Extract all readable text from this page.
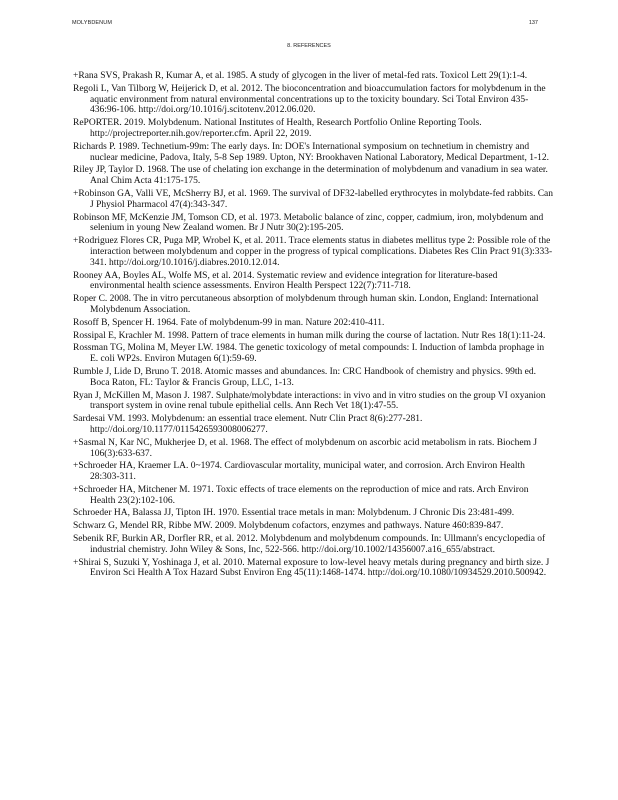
MOLYBDENUM	137
8. REFERENCES

+Rana SVS, Prakash R, Kumar A, et al. 1985. A study of glycogen in the liver of metal-fed rats. Toxicol Lett 29(1):1-4.

Regoli L, Van Tilborg W, Heijerick D, et al. 2012. The bioconcentration and bioaccumulation factors for molybdenum in the aquatic environment from natural environmental concentrations up to the toxicity boundary. Sci Total Environ 435-436:96-106. http://doi.org/10.1016/j.scitotenv.2012.06.020.

RePORTER. 2019. Molybdenum. National Institutes of Health, Research Portfolio Online Reporting Tools. http://projectreporter.nih.gov/reporter.cfm. April 22, 2019.

Richards P. 1989. Technetium-99m: The early days. In: DOE's International symposium on technetium in chemistry and nuclear medicine, Padova, Italy, 5-8 Sep 1989. Upton, NY: Brookhaven National Laboratory, Medical Department, 1-12.

Riley JP, Taylor D. 1968. The use of chelating ion exchange in the determination of molybdenum and vanadium in sea water. Anal Chim Acta 41:175-175.

+Robinson GA, Valli VE, McSherry BJ, et al. 1969. The survival of DF32-labelled erythrocytes in molybdate-fed rabbits. Can J Physiol Pharmacol 47(4):343-347.

Robinson MF, McKenzie JM, Tomson CD, et al. 1973. Metabolic balance of zinc, copper, cadmium, iron, molybdenum and selenium in young New Zealand women. Br J Nutr 30(2):195-205.

+Rodriguez Flores CR, Puga MP, Wrobel K, et al. 2011. Trace elements status in diabetes mellitus type 2: Possible role of the interaction between molybdenum and copper in the progress of typical complications. Diabetes Res Clin Pract 91(3):333-341. http://doi.org/10.1016/j.diabres.2010.12.014.

Rooney AA, Boyles AL, Wolfe MS, et al. 2014. Systematic review and evidence integration for literature-based environmental health science assessments. Environ Health Perspect 122(7):711-718.

Roper C. 2008. The in vitro percutaneous absorption of molybdenum through human skin. London, England: International Molybdenum Association.

Rosoff B, Spencer H. 1964. Fate of molybdenum-99 in man. Nature 202:410-411.

Rossipal E, Krachler M. 1998. Pattern of trace elements in human milk during the course of lactation. Nutr Res 18(1):11-24.

Rossman TG, Molina M, Meyer LW. 1984. The genetic toxicology of metal compounds: I. Induction of lambda prophage in E. coli WP2s. Environ Mutagen 6(1):59-69.

Rumble J, Lide D, Bruno T. 2018. Atomic masses and abundances. In: CRC Handbook of chemistry and physics. 99th ed. Boca Raton, FL: Taylor & Francis Group, LLC, 1-13.

Ryan J, McKillen M, Mason J. 1987. Sulphate/molybdate interactions: in vivo and in vitro studies on the group VI oxyanion transport system in ovine renal tubule epithelial cells. Ann Rech Vet 18(1):47-55.

Sardesai VM. 1993. Molybdenum: an essential trace element. Nutr Clin Pract 8(6):277-281. http://doi.org/10.1177/0115426593008006277.

+Sasmal N, Kar NC, Mukherjee D, et al. 1968. The effect of molybdenum on ascorbic acid metabolism in rats. Biochem J 106(3):633-637.

+Schroeder HA, Kraemer LA. 0~1974. Cardiovascular mortality, municipal water, and corrosion. Arch Environ Health 28:303-311.

+Schroeder HA, Mitchener M. 1971. Toxic effects of trace elements on the reproduction of mice and rats. Arch Environ Health 23(2):102-106.

Schroeder HA, Balassa JJ, Tipton IH. 1970. Essential trace metals in man: Molybdenum. J Chronic Dis 23:481-499.

Schwarz G, Mendel RR, Ribbe MW. 2009. Molybdenum cofactors, enzymes and pathways. Nature 460:839-847.

Sebenik RF, Burkin AR, Dorfler RR, et al. 2012. Molybdenum and molybdenum compounds. In: Ullmann's encyclopedia of industrial chemistry. John Wiley & Sons, Inc, 522-566. http://doi.org/10.1002/14356007.a16_655/abstract.

+Shirai S, Suzuki Y, Yoshinaga J, et al. 2010. Maternal exposure to low-level heavy metals during pregnancy and birth size. J Environ Sci Health A Tox Hazard Subst Environ Eng 45(11):1468-1474. http://doi.org/10.1080/10934529.2010.500942.
